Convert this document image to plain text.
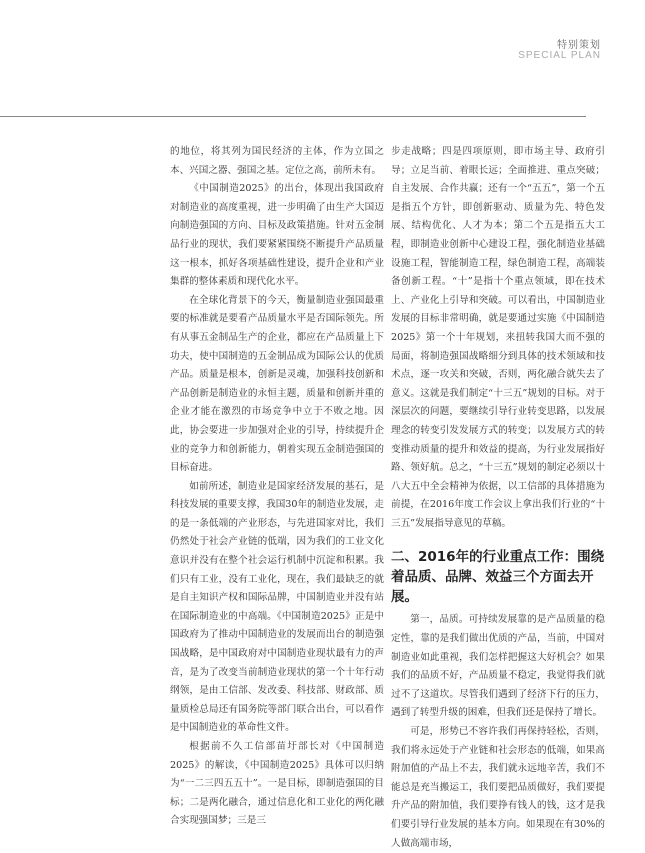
特别策划
SPECIAL PLAN

的地位，将其列为国民经济的主体，作为立国之本、兴国之器、强国之基。定位之高，前所未有。

《中国制造2025》的出台，体现出我国政府对制造业的高度重视，进一步明确了由生产大国迈向制造强国的方向、目标及政策措施。针对五金制品行业的现状，我们要紧紧围绕不断提升产品质量这一根本，抓好各项基础性建设，提升企业和产业集群的整体素质和现代化水平。

在全球化背景下的今天，衡量制造业强国最重要的标准就是要看产品质量水平是否国际领先。所有从事五金制品生产的企业，都应在产品质量上下功夫，使中国制造的五金制品成为国际公认的优质产品。质量是根本，创新是灵魂，加强科技创新和产品创新是制造业的永恒主题，质量和创新并重的企业才能在激烈的市场竞争中立于不败之地。因此，协会要进一步加强对企业的引导，持续提升企业的竞争力和创新能力，朝着实现五金制造强国的目标奋进。

如前所述，制造业是国家经济发展的基石，是科技发展的重要支撑，我国30年的制造业发展，走的是一条低端的产业形态，与先进国家对比，我们仍然处于社会产业链的低端，因为我们的工业文化意识并没有在整个社会运行机制中沉淀和积累。我们只有工业，没有工业化，现在，我们最缺乏的就是自主知识产权和国际品牌，中国制造业并没有站在国际制造业的中高端。《中国制造2025》正是中国政府为了推动中国制造业的发展而出台的制造强国战略，是中国政府对中国制造业现状最有力的声音，是为了改变当前制造业现状的第一个十年行动纲领，是由工信部、发改委、科技部、财政部、质量质检总局还有国务院等部门联合出台，可以看作是中国制造业的革命性文件。

根据前不久工信部苗圩部长对《中国制造2025》的解读，《中国制造2025》具体可以归纳为“一二三四五五十”。一是目标，即制造强国的目标；二是两化融合，通过信息化和工业化的两化融合实现强国梦；三是三

步走战略；四是四项原则，即市场主导、政府引导；立足当前、着眼长远；全面推进、重点突破；自主发展、合作共赢；还有一个“五五”，第一个五是指五个方针，即创新驱动、质量为先、特色发展、结构优化、人才为本；第二个五是指五大工程，即制造业创新中心建设工程，强化制造业基础设施工程，智能制造工程，绿色制造工程，高端装备创新工程。“十”是指十个重点领域，即在技术上、产业化上引导和突破。可以看出，中国制造业发展的目标非常明确，就是要通过实施《中国制造2025》第一个十年规划，来扭转我国大而不强的局面，将制造强国战略细分到具体的技术领域和技术点，逐一攻关和突破，否则，两化融合就失去了意义。这就是我们制定“十三五”规划的目标。对于深层次的问题，要继续引导行业转变思路，以发展理念的转变引发发展方式的转变；以发展方式的转变推动质量的提升和效益的提高，为行业发展指好路、领好航。总之，“十三五”规划的制定必须以十八大五中全会精神为依据，以工信部的具体措施为前提，在2016年度工作会议上拿出我们行业的“十三五”发展指导意见的草稿。

二、2016年的行业重点工作：围绕着品质、品牌、效益三个方面去开展。

第一，品质。可持续发展靠的是产品质量的稳定性，靠的是我们做出优质的产品，当前，中国对制造业如此重视，我们怎样把握这大好机会？如果我们的品质不好，产品质量不稳定，我觉得我们就过不了这道坎。尽管我们遇到了经济下行的压力，遇到了转型升级的困难，但我们还是保持了增长。

可是，形势已不容许我们再保持轻松，否则，我们将永远处于产业链和社会形态的低端，如果高附加值的产品上不去，我们就永远地辛苦，我们不能总是充当搬运工，我们要把品质做好，我们要提升产品的附加值，我们要挣有钱人的钱，这才是我们要引导行业发展的基本方向。如果现在有30%的人做高端市场，
